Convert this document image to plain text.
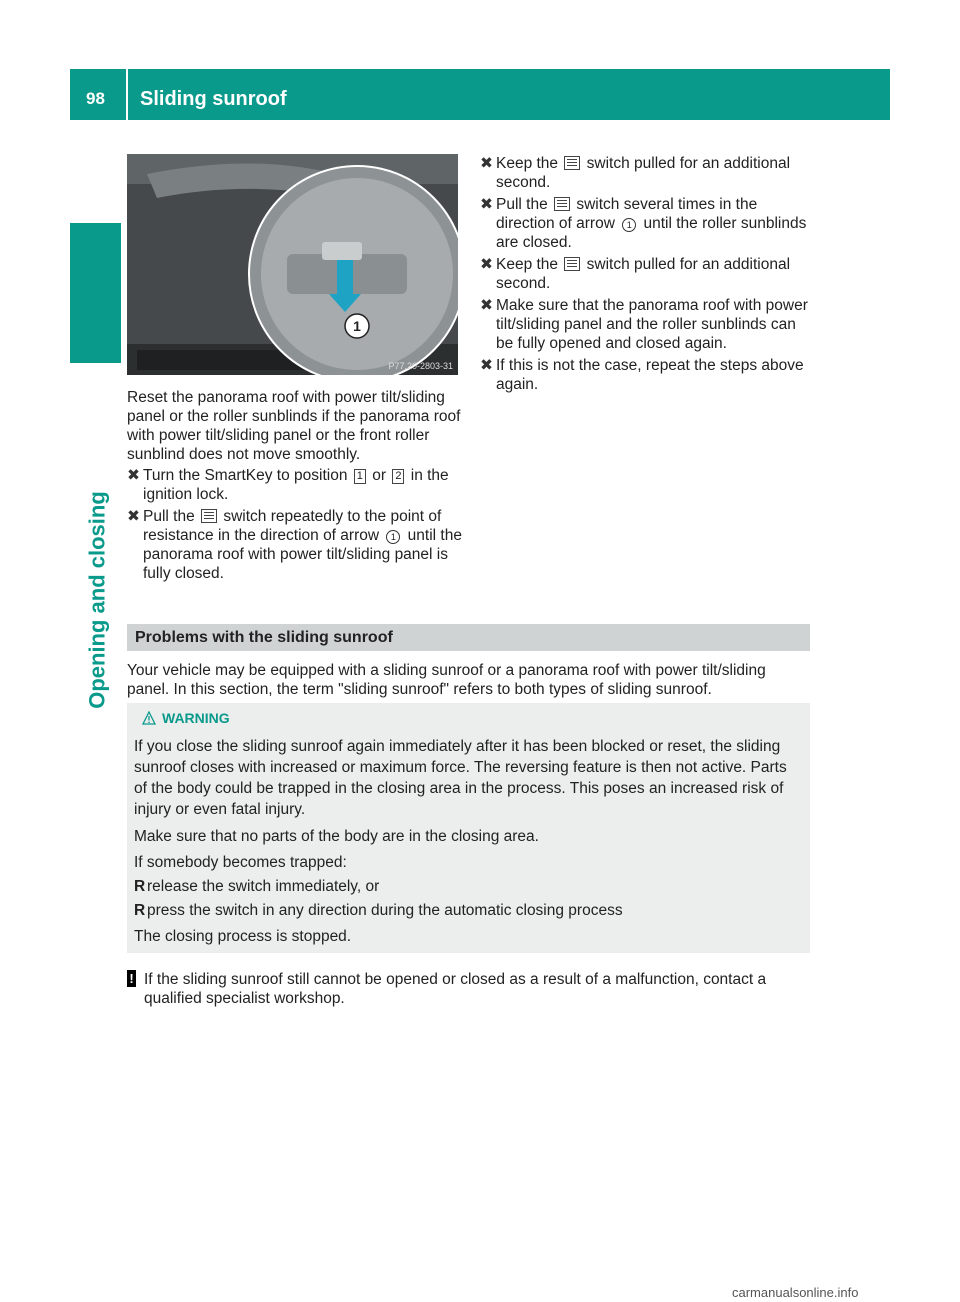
98 Sliding sunroof
Opening and closing
1
P77.20-2803-31

Reset the panorama roof with power tilt/sliding panel or the roller sunblinds if the panorama roof with power tilt/sliding panel or the front roller sunblind does not move smoothly.

✖ Turn the SmartKey to position 1 or 2 in the ignition lock.
✖ Pull the  switch repeatedly to the point of resistance in the direction of arrow 1 until the panorama roof with power tilt/sliding panel is fully closed.
✖ Keep the  switch pulled for an additional second.
✖ Pull the  switch several times in the direction of arrow 1 until the roller sunblinds are closed.
✖ Keep the  switch pulled for an additional second.
✖ Make sure that the panorama roof with power tilt/sliding panel and the roller sunblinds can be fully opened and closed again.
✖ If this is not the case, repeat the steps above again.
Problems with the sliding sunroof

Your vehicle may be equipped with a sliding sunroof or a panorama roof with power tilt/sliding panel. In this section, the term "sliding sunroof" refers to both types of sliding sunroof.

WARNING

If you close the sliding sunroof again immediately after it has been blocked or reset, the sliding sunroof closes with increased or maximum force. The reversing feature is then not active. Parts of the body could be trapped in the closing area in the process. This poses an increased risk of injury or even fatal injury.

Make sure that no parts of the body are in the closing area.

If somebody becomes trapped:

R release the switch immediately, or
R press the switch in any direction during the automatic closing process

The closing process is stopped.

! If the sliding sunroof still cannot be opened or closed as a result of a malfunction, contact a qualified specialist workshop.

carmanualsonline.info
